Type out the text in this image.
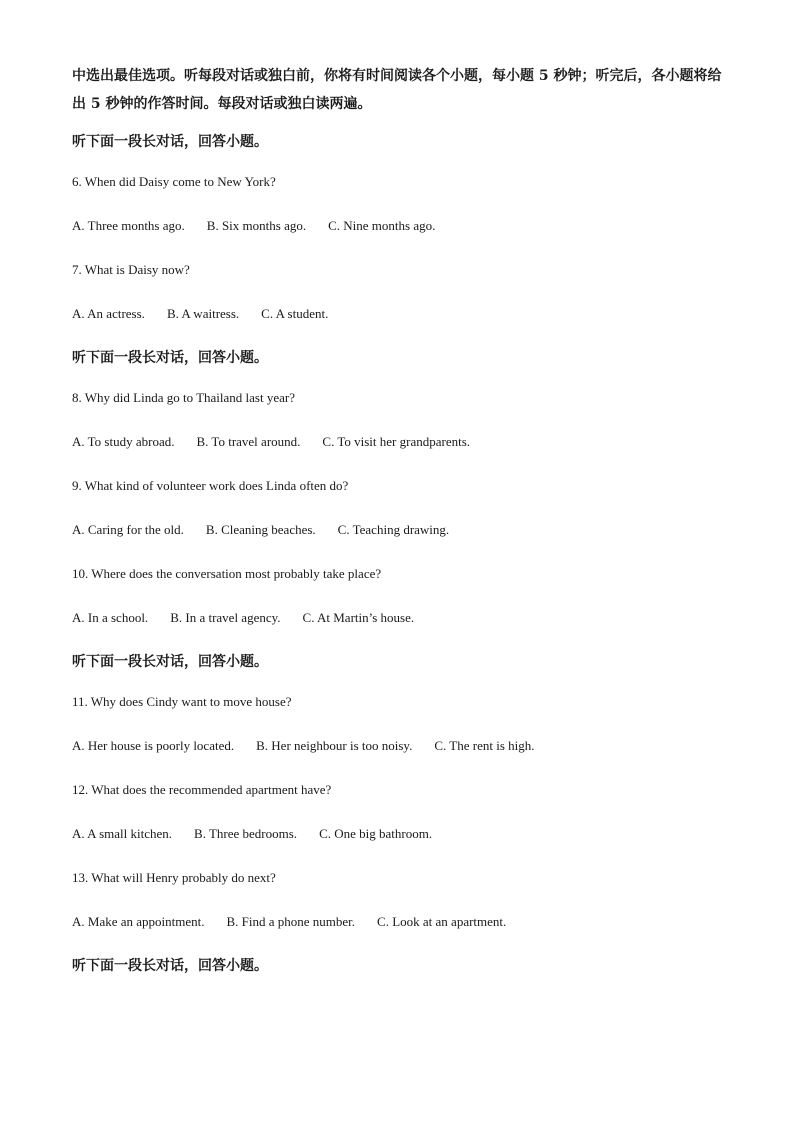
中选出最佳选项。听每段对话或独白前，你将有时间阅读各个小题，每小题 5 秒钟；听完后，各小题将给出 5 秒钟的作答时间。每段对话或独白读两遍。

听下面一段长对话，回答小题。

6. When did Daisy come to New York?

A. Three months ago. B. Six months ago. C. Nine months ago.

7. What is Daisy now?

A. An actress. B. A waitress. C. A student.

听下面一段长对话，回答小题。

8. Why did Linda go to Thailand last year?

A. To study abroad. B. To travel around. C. To visit her grandparents.

9. What kind of volunteer work does Linda often do?

A. Caring for the old. B. Cleaning beaches. C. Teaching drawing.

10. Where does the conversation most probably take place?

A. In a school. B. In a travel agency. C. At Martin’s house.

听下面一段长对话，回答小题。

11. Why does Cindy want to move house?

A. Her house is poorly located. B. Her neighbour is too noisy. C. The rent is high.

12. What does the recommended apartment have?

A. A small kitchen. B. Three bedrooms. C. One big bathroom.

13. What will Henry probably do next?

A. Make an appointment. B. Find a phone number. C. Look at an apartment.

听下面一段长对话，回答小题。
